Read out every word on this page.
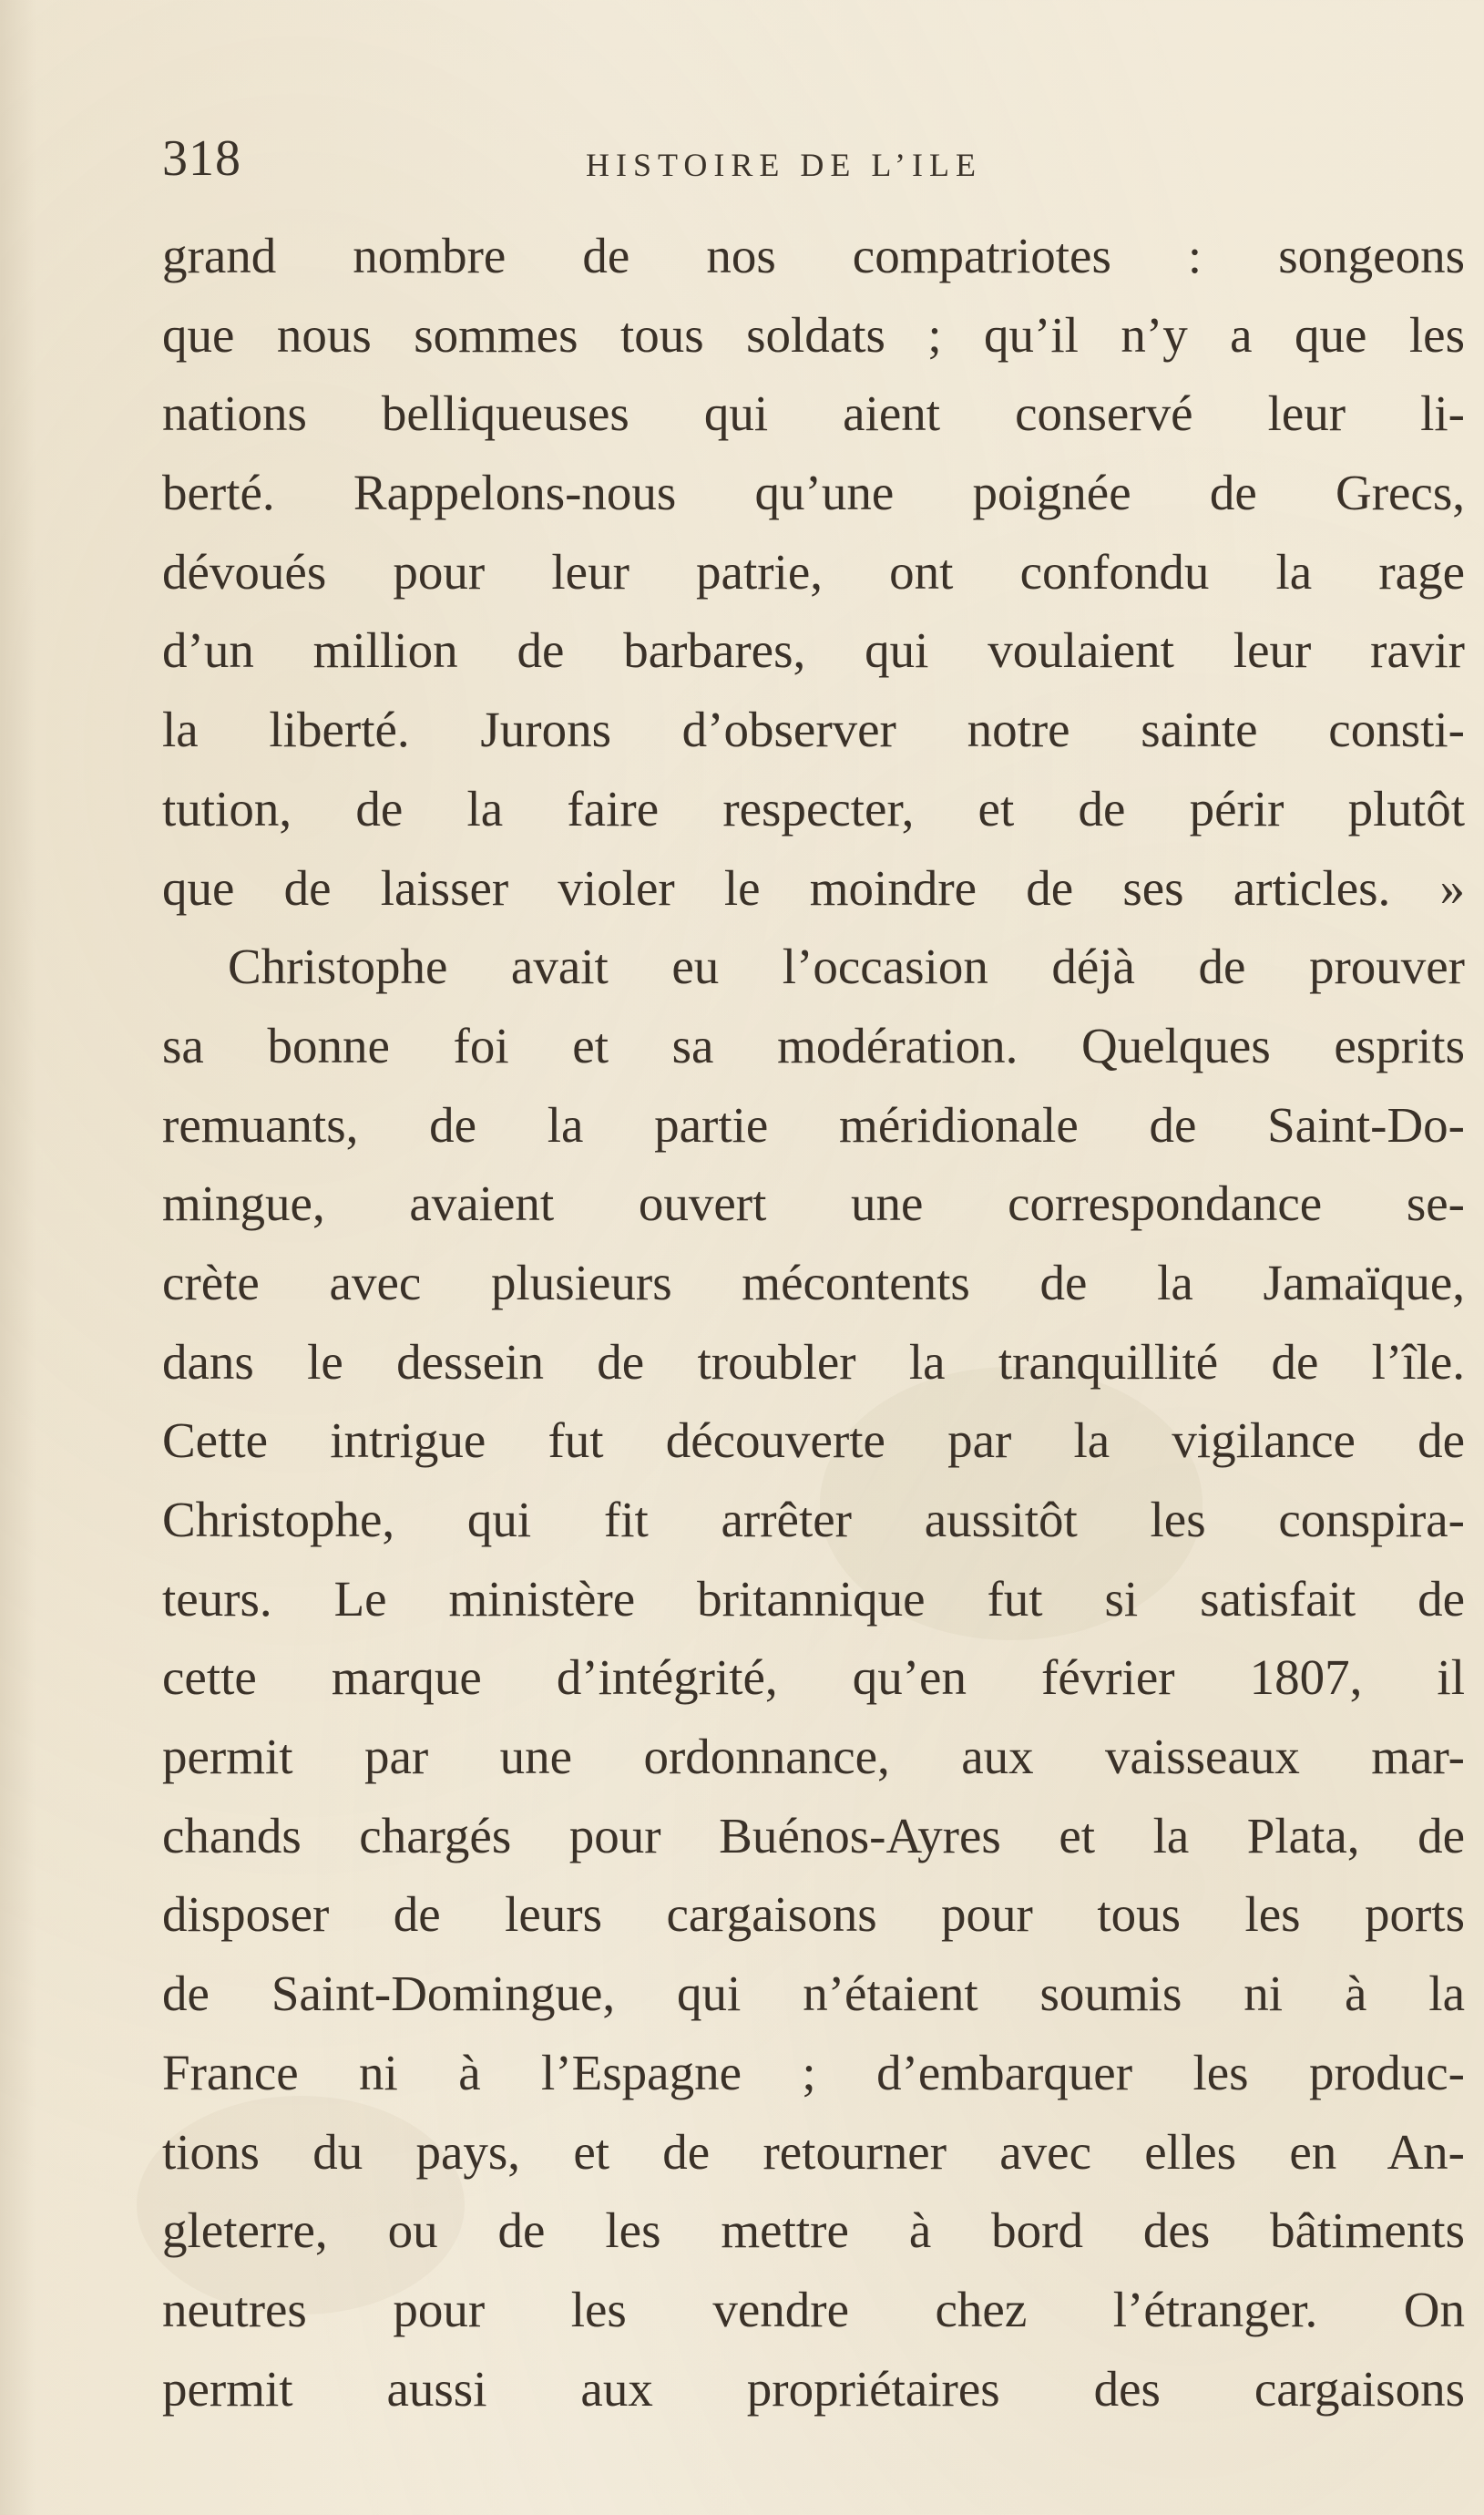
318	HISTOIRE DE L’ILE
grand nombre de nos compatriotes : songeons
que nous sommes tous soldats ; qu’il n’y a que les
nations belliqueuses qui aient conservé leur li-
berté. Rappelons-nous qu’une poignée de Grecs,
dévoués pour leur patrie, ont confondu la rage
d’un million de barbares, qui voulaient leur ravir
la liberté. Jurons d’observer notre sainte consti-
tution, de la faire respecter, et de périr plutôt
que de laisser violer le moindre de ses articles. »
Christophe avait eu l’occasion déjà de prouver
sa bonne foi et sa modération. Quelques esprits
remuants, de la partie méridionale de Saint-Do-
mingue, avaient ouvert une correspondance se-
crète avec plusieurs mécontents de la Jamaïque,
dans le dessein de troubler la tranquillité de l’île.
Cette intrigue fut découverte par la vigilance de
Christophe, qui fit arrêter aussitôt les conspira-
teurs. Le ministère britannique fut si satisfait de
cette marque d’intégrité, qu’en février 1807, il
permit par une ordonnance, aux vaisseaux mar-
chands chargés pour Buénos-Ayres et la Plata, de
disposer de leurs cargaisons pour tous les ports
de Saint-Domingue, qui n’étaient soumis ni à la
France ni à l’Espagne ; d’embarquer les produc-
tions du pays, et de retourner avec elles en An-
gleterre, ou de les mettre à bord des bâtiments
neutres pour les vendre chez l’étranger. On
permit aussi aux propriétaires des cargaisons
